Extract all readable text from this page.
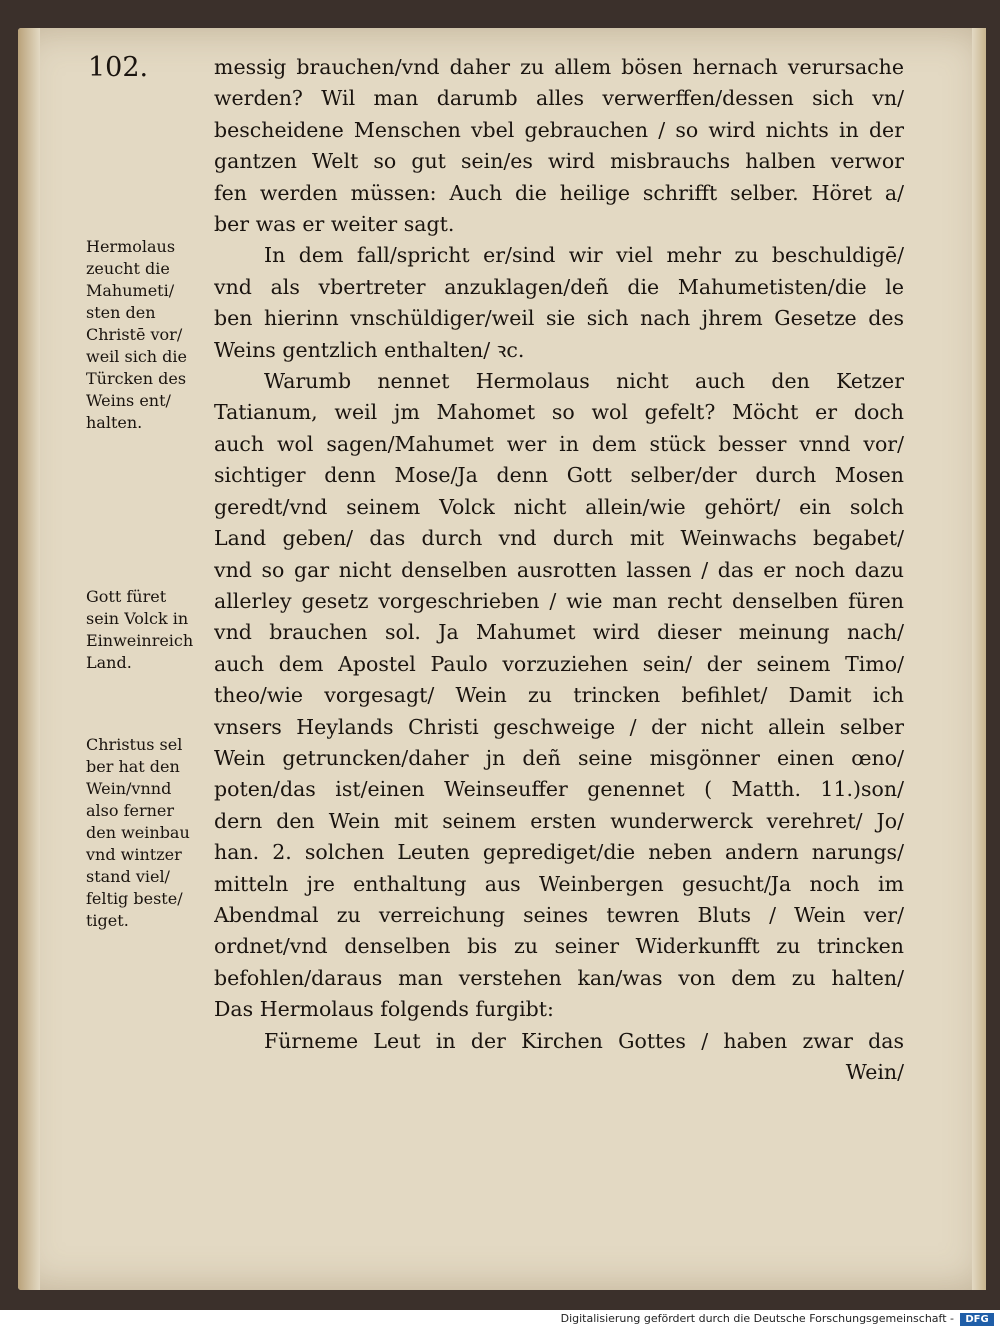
102.
Hermolaus
zeucht die
Mahumeti/
sten den
Christē vor/
weil sich die
Türcken des
Weins ent/
halten.
Gott füret
sein Volck in
Einweinreich
Land.
Christus sel
ber hat den
Wein/vnnd
also ferner
den weinbau
vnd wintzer
stand viel/
feltig beste/
tiget.
messig brauchen/vnd daher zu allem bösen hernach verursache
werden? Wil man darumb alles verwerffen/dessen sich vn/
bescheidene Menschen vbel gebrauchen / so wird nichts in der
gantzen Welt so gut sein/es wird misbrauchs halben verwor
fen werden müssen: Auch die heilige schrifft selber. Höret a/
ber was er weiter sagt.
In dem fall/spricht er/sind wir viel mehr zu beschuldigē/
vnd als vbertreter anzuklagen/deñ die Mahumetisten/die le
ben hierinn vnschüldiger/weil sie sich nach jhrem Gesetze des
Weins gentzlich enthalten/ ꝛc.
Warumb nennet Hermolaus nicht auch den Ketzer
Tatianum, weil jm Mahomet so wol gefelt? Möcht er doch
auch wol sagen/Mahumet wer in dem stück besser vnnd vor/
sichtiger denn Mose/Ja denn Gott selber/der durch Mosen
geredt/vnd seinem Volck nicht allein/wie gehört/ ein solch
Land geben/ das durch vnd durch mit Weinwachs begabet/
vnd so gar nicht denselben ausrotten lassen / das er noch dazu
allerley gesetz vorgeschrieben / wie man recht denselben füren
vnd brauchen sol. Ja Mahumet wird dieser meinung nach/
auch dem Apostel Paulo vorzuziehen sein/ der seinem Timo/
theo/wie vorgesagt/ Wein zu trincken befihlet/ Damit ich
vnsers Heylands Christi geschweige / der nicht allein selber
Wein getruncken/daher jn deñ seine misgönner einen œno/
poten/das ist/einen Weinseuffer genennet ( Matth. 11.)son/
dern den Wein mit seinem ersten wunderwerck verehret/ Jo/
han. 2. solchen Leuten geprediget/die neben andern narungs/
mitteln jre enthaltung aus Weinbergen gesucht/Ja noch im
Abendmal zu verreichung seines tewren Bluts / Wein ver/
ordnet/vnd denselben bis zu seiner Widerkunfft zu trincken
befohlen/daraus man verstehen kan/was von dem zu halten/
Das Hermolaus folgends furgibt:
Fürneme Leut in der Kirchen Gottes / haben zwar das
Wein/
Digitalisierung gefördert durch die Deutsche Forschungsgemeinschaft -	DFG
